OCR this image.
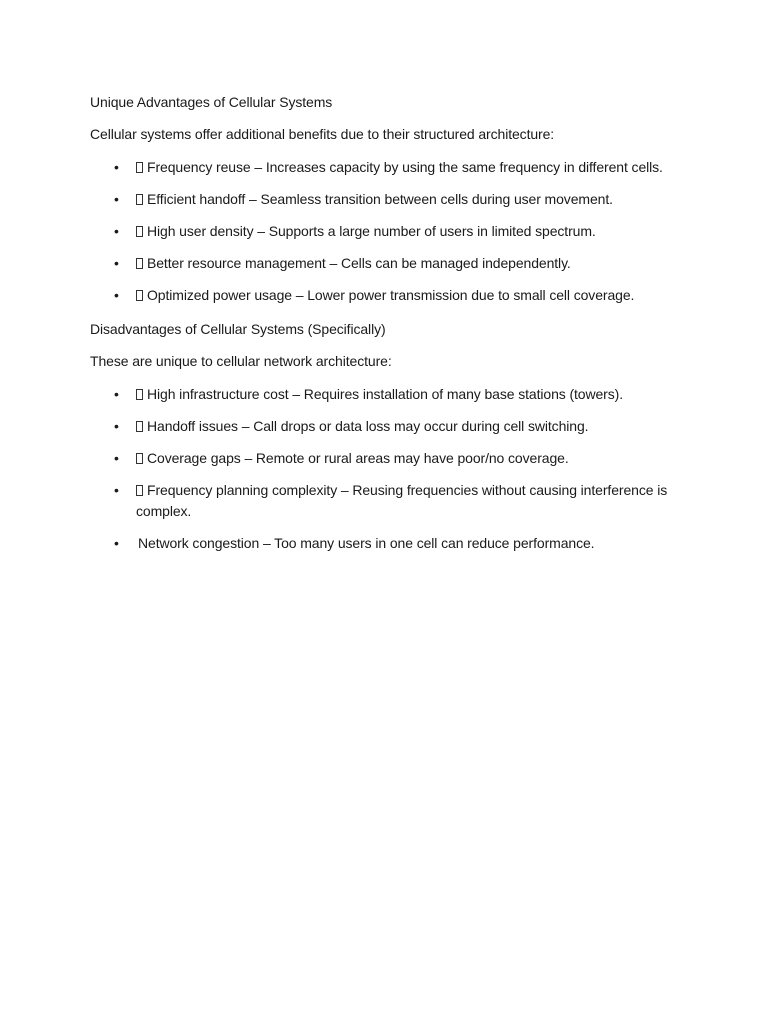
Unique Advantages of Cellular Systems

Cellular systems offer additional benefits due to their structured architecture:

•	Frequency reuse – Increases capacity by using the same frequency in different cells.
•	Efficient handoff – Seamless transition between cells during user movement.
•	High user density – Supports a large number of users in limited spectrum.
•	Better resource management – Cells can be managed independently.
•	Optimized power usage – Lower power transmission due to small cell coverage.

Disadvantages of Cellular Systems (Specifically)

These are unique to cellular network architecture:

•	High infrastructure cost – Requires installation of many base stations (towers).
•	Handoff issues – Call drops or data loss may occur during cell switching.
•	Coverage gaps – Remote or rural areas may have poor/no coverage.
•	Frequency planning complexity – Reusing frequencies without causing interference is complex.
•	Network congestion – Too many users in one cell can reduce performance.
